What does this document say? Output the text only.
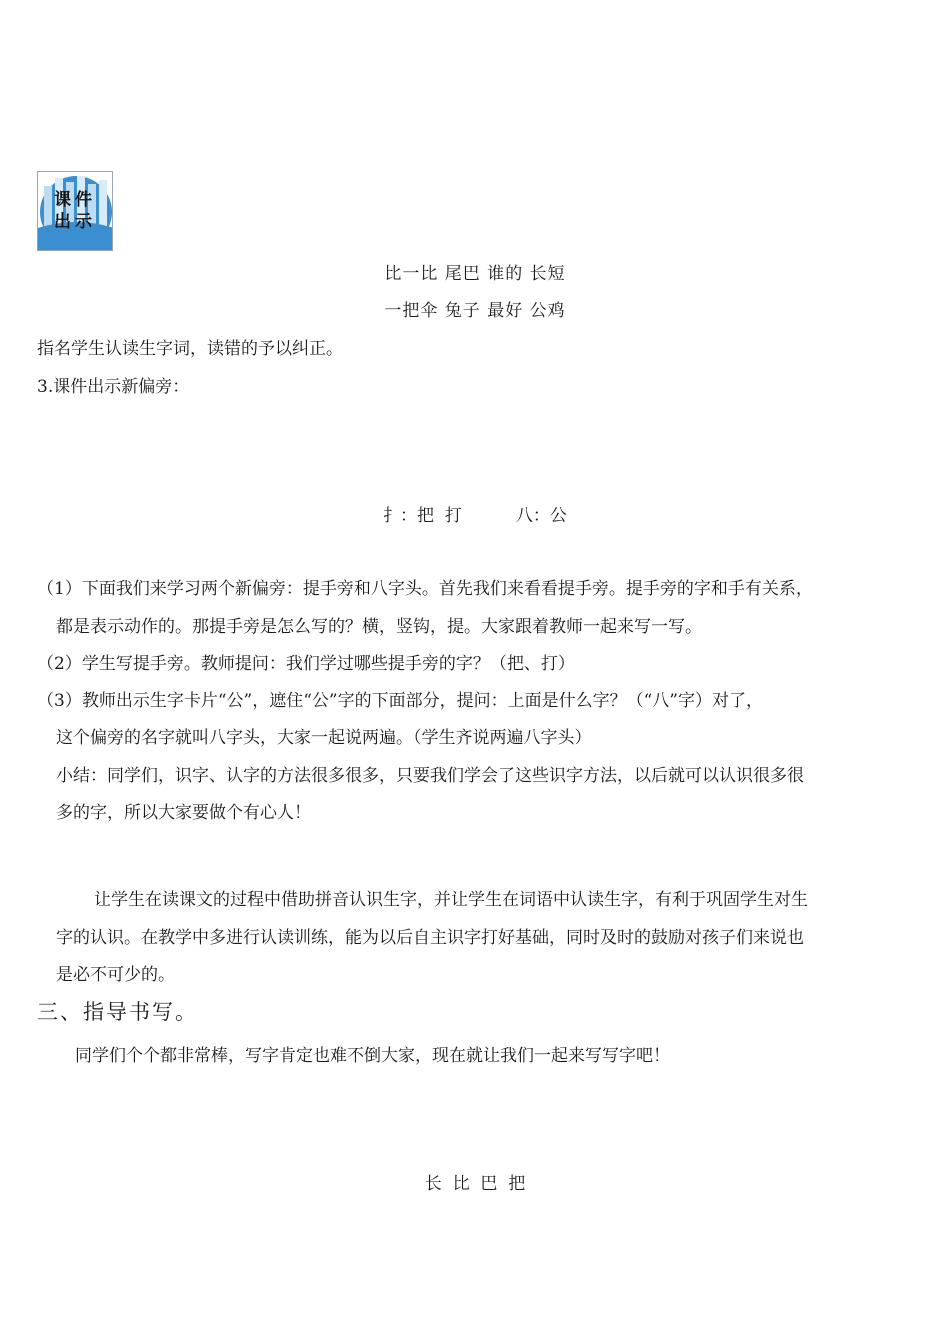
课件
出示
比一比 尾巴 谁的 长短
一把伞 兔子 最好 公鸡
指名学生认读生字词，读错的予以纠正。
3.课件出示新偏旁：
扌：把  打          八：公
（1）下面我们来学习两个新偏旁：提手旁和八字头。首先我们来看看提手旁。提手旁的字和手有关系，
都是表示动作的。那提手旁是怎么写的？横，竖钩，提。大家跟着教师一起来写一写。
（2）学生写提手旁。教师提问：我们学过哪些提手旁的字？（把、打）
（3）教师出示生字卡片“公”，遮住“公”字的下面部分，提问：上面是什么字？（“八”字）对了，
这个偏旁的名字就叫八字头，大家一起说两遍。（学生齐说两遍八字头）
小结：同学们，识字、认字的方法很多很多，只要我们学会了这些识字方法，以后就可以认识很多很
多的字，所以大家要做个有心人！
让学生在读课文的过程中借助拼音认识生字，并让学生在词语中认读生字，有利于巩固学生对生
字的认识。在教学中多进行认读训练，能为以后自主识字打好基础，同时及时的鼓励对孩子们来说也
是必不可少的。
三、指导书写。
同学们个个都非常棒，写字肯定也难不倒大家，现在就让我们一起来写写字吧！
长  比  巴  把
